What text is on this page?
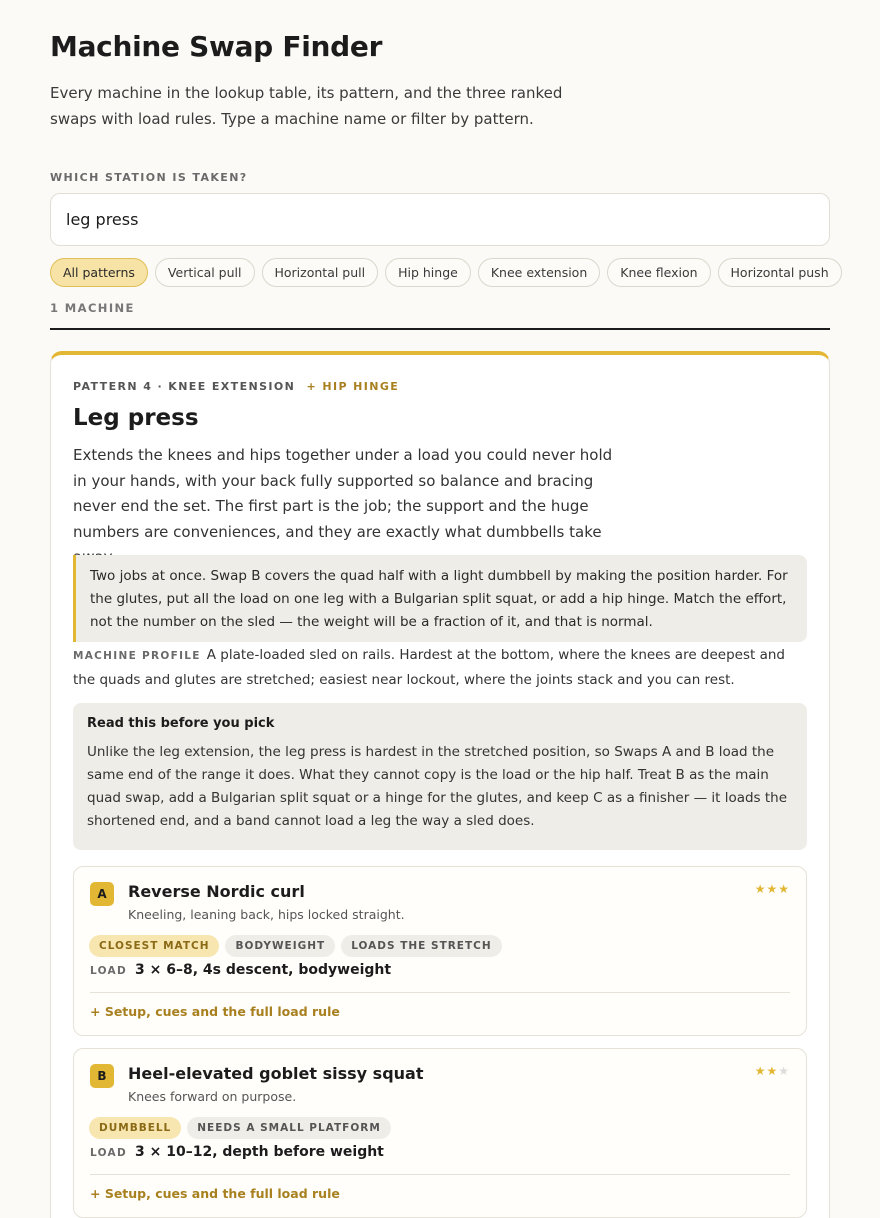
Machine Swap Finder

Every machine in the lookup table, its pattern, and the three ranked swaps with load rules. Type a machine name or filter by pattern.

WHICH STATION IS TAKEN?
leg press
All patterns	Vertical pull	Horizontal pull	Hip hinge	Knee extension	Knee flexion	Horizontal push
1 MACHINE
PATTERN 4 · KNEE EXTENSION + HIP HINGE
Leg press

Extends the knees and hips together under a load you could never hold in your hands, with your back fully supported so balance and bracing never end the set. The first part is the job; the support and the huge numbers are conveniences, and they are exactly what dumbbells take

Two jobs at once. Swap B covers the quad half with a light dumbbell by making the position harder. For the glutes, put all the load on one leg with a Bulgarian split squat, or add a hip hinge. Match the effort, not the number on the sled — the weight will be a fraction of it, and that is normal.

MACHINE PROFILE A plate-loaded sled on rails. Hardest at the bottom, where the knees are deepest and the quads and glutes are stretched; easiest near lockout, where the joints stack and you can rest.

Read this before you pick

Unlike the leg extension, the leg press is hardest in the stretched position, so Swaps A and B load the same end of the range it does. What they cannot copy is the load or the hip half. Treat B as the main quad swap, add a Bulgarian split squat or a hinge for the glutes, and keep C as a finisher — it loads the shortened end, and a band cannot load a leg the way a sled does.

A	Reverse Nordic curl
Kneeling, leaning back, hips locked straight.
★★★
CLOSEST MATCH	BODYWEIGHT	LOADS THE STRETCH
LOAD 3 × 6–8, 4s descent, bodyweight
+ Setup, cues and the full load rule
B	Heel-elevated goblet sissy squat
Knees forward on purpose.
★★★
DUMBBELL	NEEDS A SMALL PLATFORM
LOAD 3 × 10–12, depth before weight
+ Setup, cues and the full load rule
